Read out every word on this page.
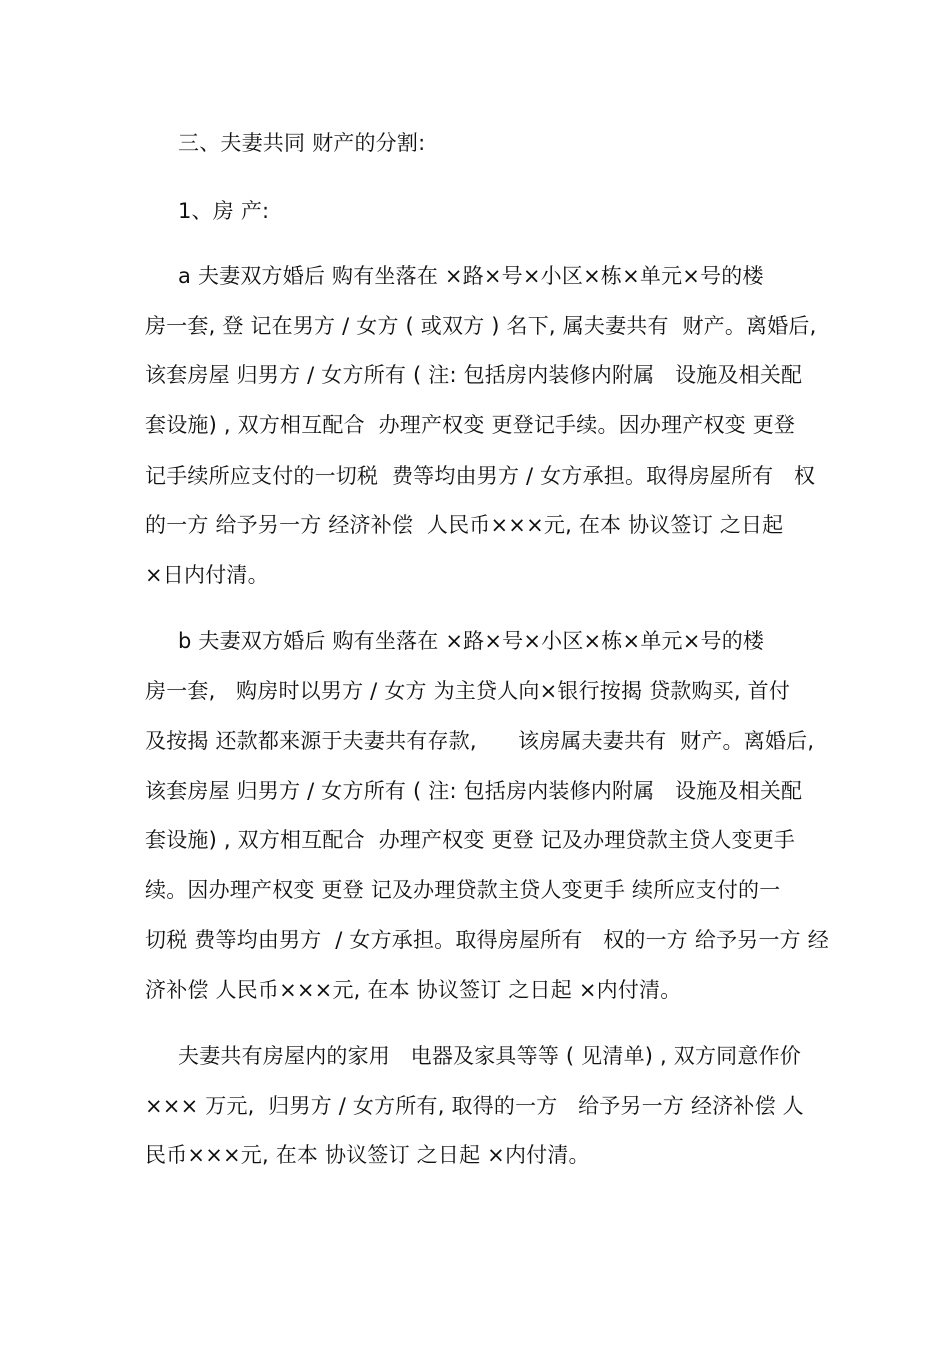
三、夫妻共同 财产的分割:
1、房 产:
a 夫妻双方婚后 购有坐落在 ×路×号×小区×栋×单元×号的楼
房一套, 登 记在男方 / 女方 ( 或双方 ) 名下, 属夫妻共有  财产。离婚后,
该套房屋 归男方 / 女方所有 ( 注: 包括房内装修内附属   设施及相关配
套设施) , 双方相互配合  办理产权变 更登记手续。因办理产权变 更登
记手续所应支付的一切税  费等均由男方 / 女方承担。取得房屋所有   权
的一方 给予另一方 经济补偿  人民币×××元, 在本 协议签订 之日起
×日内付清。
b 夫妻双方婚后 购有坐落在 ×路×号×小区×栋×单元×号的楼
房一套,   购房时以男方 / 女方 为主贷人向×银行按揭 贷款购买, 首付
及按揭 还款都来源于夫妻共有存款,      该房属夫妻共有  财产。离婚后,
该套房屋 归男方 / 女方所有 ( 注: 包括房内装修内附属   设施及相关配
套设施) , 双方相互配合  办理产权变 更登 记及办理贷款主贷人变更手
续。因办理产权变 更登 记及办理贷款主贷人变更手 续所应支付的一
切税 费等均由男方  / 女方承担。取得房屋所有   权的一方 给予另一方 经
济补偿 人民币×××元, 在本 协议签订 之日起 ×内付清。
夫妻共有房屋内的家用   电器及家具等等 ( 见清单) , 双方同意作价
××× 万元,  归男方 / 女方所有, 取得的一方   给予另一方 经济补偿 人
民币×××元, 在本 协议签订 之日起 ×内付清。
